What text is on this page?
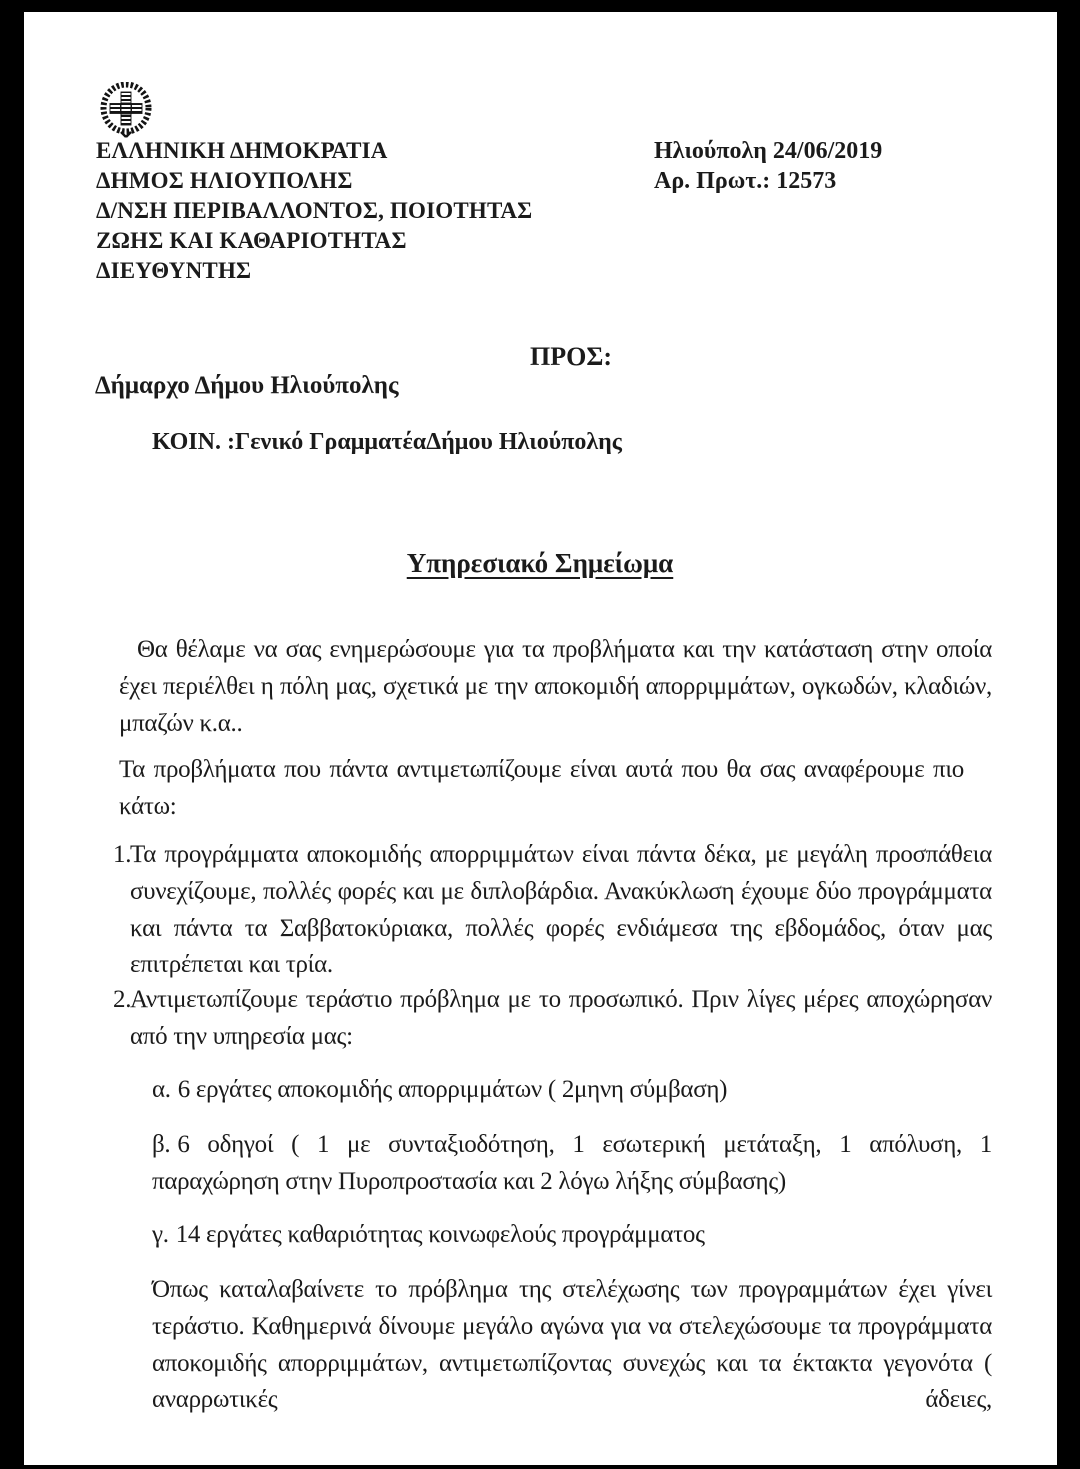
ΕΛΛΗΝΙΚΗ ΔΗΜΟΚΡΑΤΙΑ
ΔΗΜΟΣ ΗΛΙΟΥΠΟΛΗΣ
Δ/ΝΣΗ ΠΕΡΙΒΑΛΛΟΝΤΟΣ, ΠΟΙΟΤΗΤΑΣ
ΖΩΗΣ ΚΑΙ ΚΑΘΑΡΙΟΤΗΤΑΣ
ΔΙΕΥΘΥΝΤΗΣ
Ηλιούπολη 24/06/2019
Αρ. Πρωτ.: 12573
ΠΡΟΣ:
Δήμαρχο Δήμου Ηλιούπολης
ΚΟΙΝ. :Γενικό ΓραμματέαΔήμου Ηλιούπολης
Υπηρεσιακό Σημείωμα
Θα θέλαμε να σας ενημερώσουμε για τα προβλήματα και την κατάσταση στην οποία έχει περιέλθει η πόλη μας, σχετικά με την αποκομιδή απορριμμάτων, ογκωδών, κλαδιών, μπαζών κ.α..
Τα προβλήματα που πάντα αντιμετωπίζουμε είναι αυτά που θα σας αναφέρουμε πιο κάτω:
1.
Τα προγράμματα αποκομιδής απορριμμάτων είναι πάντα δέκα, με μεγάλη προσπάθεια συνεχίζουμε, πολλές φορές και με διπλοβάρδια. Ανακύκλωση έχουμε δύο προγράμματα και πάντα τα Σαββατοκύριακα, πολλές φορές ενδιάμεσα της εβδομάδος, όταν μας επιτρέπεται και τρία.
2.
Αντιμετωπίζουμε τεράστιο πρόβλημα με το προσωπικό. Πριν λίγες μέρες αποχώρησαν από την υπηρεσία μας:
α. 6 εργάτες αποκομιδής απορριμμάτων ( 2μηνη σύμβαση)
β. 6 οδηγοί ( 1 με συνταξιοδότηση, 1 εσωτερική μετάταξη, 1 απόλυση, 1 παραχώρηση στην Πυροπροστασία και 2 λόγω λήξης σύμβασης)
γ. 14 εργάτες καθαριότητας κοινωφελούς προγράμματος
Όπως καταλαβαίνετε το πρόβλημα της στελέχωσης των προγραμμάτων έχει γίνει τεράστιο. Καθημερινά δίνουμε μεγάλο αγώνα για να στελεχώσουμε τα προγράμματα αποκομιδής απορριμμάτων, αντιμετωπίζοντας συνεχώς και τα έκτακτα γεγονότα ( αναρρωτικές άδειες,
